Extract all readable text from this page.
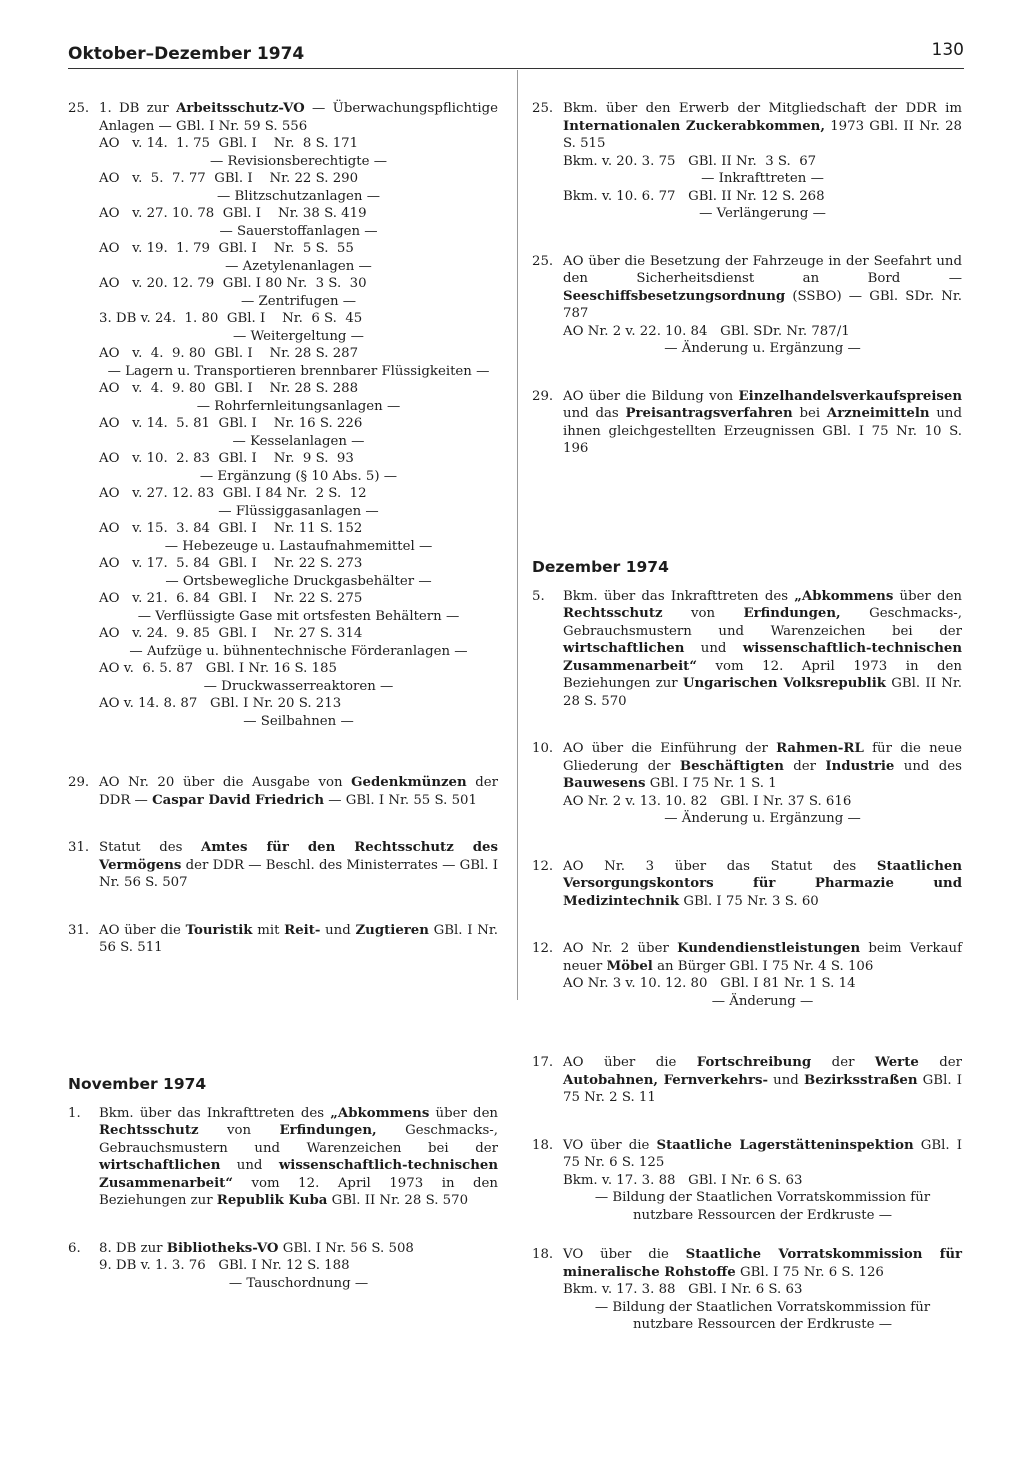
Oktober–Dezember 1974	130
25. 1. DB zur Arbeitsschutz-VO — Überwachungspflichtige Anlagen — GBl. I Nr. 59 S. 556

AO   v. 14.  1. 75  GBl. I    Nr.  8 S. 171
— Revisionsberechtigte —
AO   v.  5.  7. 77  GBl. I    Nr. 22 S. 290
— Blitzschutzanlagen —
AO   v. 27. 10. 78  GBl. I    Nr. 38 S. 419
— Sauerstoffanlagen —
AO   v. 19.  1. 79  GBl. I    Nr.  5 S.  55
— Azetylenanlagen —
AO   v. 20. 12. 79  GBl. I 80 Nr.  3 S.  30
— Zentrifugen —
3. DB v. 24.  1. 80  GBl. I    Nr.  6 S.  45
— Weitergeltung —
AO   v.  4.  9. 80  GBl. I    Nr. 28 S. 287
— Lagern u. Transportieren brennbarer Flüssigkeiten —
AO   v.  4.  9. 80  GBl. I    Nr. 28 S. 288
— Rohrfernleitungsanlagen —
AO   v. 14.  5. 81  GBl. I    Nr. 16 S. 226
— Kesselanlagen —
AO   v. 10.  2. 83  GBl. I    Nr.  9 S.  93
— Ergänzung (§ 10 Abs. 5) —
AO   v. 27. 12. 83  GBl. I 84 Nr.  2 S.  12
— Flüssiggasanlagen —
AO   v. 15.  3. 84  GBl. I    Nr. 11 S. 152
— Hebezeuge u. Lastaufnahmemittel —
AO   v. 17.  5. 84  GBl. I    Nr. 22 S. 273
— Ortsbewegliche Druckgasbehälter —
AO   v. 21.  6. 84  GBl. I    Nr. 22 S. 275
— Verflüssigte Gase mit ortsfesten Behältern —
AO   v. 24.  9. 85  GBl. I    Nr. 27 S. 314
— Aufzüge u. bühnentechnische Förderanlagen —
AO v.  6. 5. 87   GBl. I Nr. 16 S. 185
— Druckwasserreaktoren —
AO v. 14. 8. 87   GBl. I Nr. 20 S. 213
— Seilbahnen —
29. AO Nr. 20 über die Ausgabe von Gedenkmünzen der DDR — Caspar David Friedrich — GBl. I Nr. 55 S. 501

31. Statut des Amtes für den Rechtsschutz des Vermögens der DDR — Beschl. des Ministerrates — GBl. I Nr. 56 S. 507

31. AO über die Touristik mit Reit- und Zugtieren GBl. I Nr. 56 S. 511

November 1974
1. Bkm. über das Inkrafttreten des „Abkommens über den Rechtsschutz von Erfindungen, Geschmacks-, Gebrauchsmustern und Warenzeichen bei der wirtschaftlichen und wissenschaftlich-technischen Zusammenarbeit“ vom 12. April 1973 in den Beziehungen zur Republik Kuba GBl. II Nr. 28 S. 570

6. 8. DB zur Bibliotheks-VO GBl. I Nr. 56 S. 508

9. DB v. 1. 3. 76   GBl. I Nr. 12 S. 188
— Tauschordnung —
25. Bkm. über den Erwerb der Mitgliedschaft der DDR im Internationalen Zuckerabkommen, 1973 GBl. II Nr. 28 S. 515

Bkm. v. 20. 3. 75   GBl. II Nr.  3 S.  67
— Inkrafttreten —
Bkm. v. 10. 6. 77   GBl. II Nr. 12 S. 268
— Verlängerung —
25. AO über die Besetzung der Fahrzeuge in der Seefahrt und den Sicherheitsdienst an Bord — Seeschiffsbesetzungsordnung (SSBO) — GBl. SDr. Nr. 787

AO Nr. 2 v. 22. 10. 84   GBl. SDr. Nr. 787/1
— Änderung u. Ergänzung —
29. AO über die Bildung von Einzelhandelsverkaufspreisen und das Preisantragsverfahren bei Arzneimitteln und ihnen gleichgestellten Erzeugnissen GBl. I 75 Nr. 10 S. 196

Dezember 1974
5. Bkm. über das Inkrafttreten des „Abkommens über den Rechtsschutz von Erfindungen, Geschmacks-, Gebrauchsmustern und Warenzeichen bei der wirtschaftlichen und wissenschaftlich-technischen Zusammenarbeit“ vom 12. April 1973 in den Beziehungen zur Ungarischen Volksrepublik GBl. II Nr. 28 S. 570

10. AO über die Einführung der Rahmen-RL für die neue Gliederung der Beschäftigten der Industrie und des Bauwesens GBl. I 75 Nr. 1 S. 1

AO Nr. 2 v. 13. 10. 82   GBl. I Nr. 37 S. 616
— Änderung u. Ergänzung —
12. AO Nr. 3 über das Statut des Staatlichen Versorgungskontors für Pharmazie und Medizintechnik GBl. I 75 Nr. 3 S. 60

12. AO Nr. 2 über Kundendienstleistungen beim Verkauf neuer Möbel an Bürger GBl. I 75 Nr. 4 S. 106

AO Nr. 3 v. 10. 12. 80   GBl. I 81 Nr. 1 S. 14
— Änderung —
17. AO über die Fortschreibung der Werte der Autobahnen, Fernverkehrs- und Bezirksstraßen GBl. I 75 Nr. 2 S. 11

18. VO über die Staatliche Lagerstätteninspektion GBl. I 75 Nr. 6 S. 125

Bkm. v. 17. 3. 88   GBl. I Nr. 6 S. 63
— Bildung der Staatlichen Vorratskommission für nutzbare Ressourcen der Erdkruste —
18. VO über die Staatliche Vorratskommission für mineralische Rohstoffe GBl. I 75 Nr. 6 S. 126

Bkm. v. 17. 3. 88   GBl. I Nr. 6 S. 63
— Bildung der Staatlichen Vorratskommission für nutzbare Ressourcen der Erdkruste —
